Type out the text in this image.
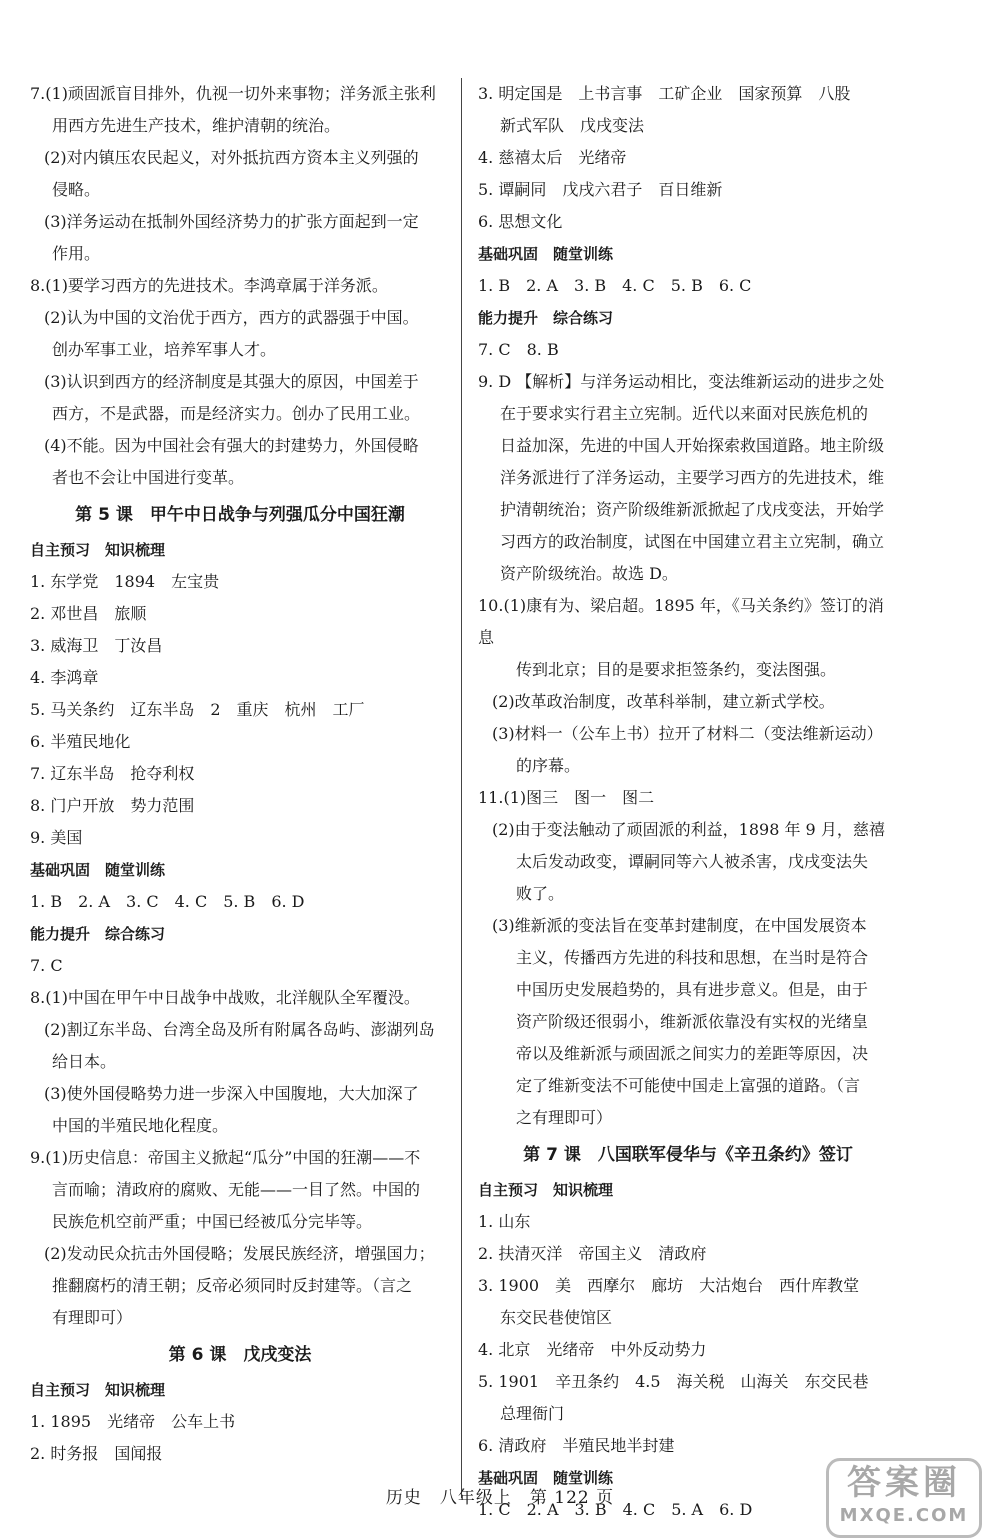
7.(1)顽固派盲目排外，仇视一切外来事物；洋务派主张利
用西方先进生产技术，维护清朝的统治。
(2)对内镇压农民起义，对外抵抗西方资本主义列强的
侵略。
(3)洋务运动在抵制外国经济势力的扩张方面起到一定
作用。
8.(1)要学习西方的先进技术。李鸿章属于洋务派。
(2)认为中国的文治优于西方，西方的武器强于中国。
创办军事工业，培养军事人才。
(3)认识到西方的经济制度是其强大的原因，中国差于
西方，不是武器，而是经济实力。创办了民用工业。
(4)不能。因为中国社会有强大的封建势力，外国侵略
者也不会让中国进行变革。
第 5 课　甲午中日战争与列强瓜分中国狂潮
自主预习　知识梳理
1. 东学党　1894　左宝贵
2. 邓世昌　旅顺
3. 威海卫　丁汝昌
4. 李鸿章
5. 马关条约　辽东半岛　2　重庆　杭州　工厂
6. 半殖民地化
7. 辽东半岛　抢夺利权
8. 门户开放　势力范围
9. 美国
基础巩固　随堂训练
1. B　2. A　3. C　4. C　5. B　6. D
能力提升　综合练习
7. C
8.(1)中国在甲午中日战争中战败，北洋舰队全军覆没。
(2)割辽东半岛、台湾全岛及所有附属各岛屿、澎湖列岛
给日本。
(3)使外国侵略势力进一步深入中国腹地，大大加深了
中国的半殖民地化程度。
9.(1)历史信息：帝国主义掀起“瓜分”中国的狂潮——不
言而喻；清政府的腐败、无能——一目了然。中国的
民族危机空前严重；中国已经被瓜分完毕等。
(2)发动民众抗击外国侵略；发展民族经济，增强国力；
推翻腐朽的清王朝；反帝必须同时反封建等。（言之
有理即可）
第 6 课　戊戌变法
自主预习　知识梳理
1. 1895　光绪帝　公车上书
2. 时务报　国闻报
3. 明定国是　上书言事　工矿企业　国家预算　八股
新式军队　戊戌变法
4. 慈禧太后　光绪帝
5. 谭嗣同　戊戌六君子　百日维新
6. 思想文化
基础巩固　随堂训练
1. B　2. A　3. B　4. C　5. B　6. C
能力提升　综合练习
7. C　8. B
9. D 【解析】与洋务运动相比，变法维新运动的进步之处
在于要求实行君主立宪制。近代以来面对民族危机的
日益加深，先进的中国人开始探索救国道路。地主阶级
洋务派进行了洋务运动，主要学习西方的先进技术，维
护清朝统治；资产阶级维新派掀起了戊戌变法，开始学
习西方的政治制度，试图在中国建立君主立宪制，确立
资产阶级统治。故选 D。
10.(1)康有为、梁启超。1895 年，《马关条约》签订的消息
传到北京；目的是要求拒签条约，变法图强。
(2)改革政治制度，改革科举制，建立新式学校。
(3)材料一（公车上书）拉开了材料二（变法维新运动）
的序幕。
11.(1)图三　图一　图二
(2)由于变法触动了顽固派的利益，1898 年 9 月，慈禧
太后发动政变，谭嗣同等六人被杀害，戊戌变法失
败了。
(3)维新派的变法旨在变革封建制度，在中国发展资本
主义，传播西方先进的科技和思想，在当时是符合
中国历史发展趋势的，具有进步意义。但是，由于
资产阶级还很弱小，维新派依靠没有实权的光绪皇
帝以及维新派与顽固派之间实力的差距等原因，决
定了维新变法不可能使中国走上富强的道路。（言
之有理即可）
第 7 课　八国联军侵华与《辛丑条约》签订
自主预习　知识梳理
1. 山东
2. 扶清灭洋　帝国主义　清政府
3. 1900　美　西摩尔　廊坊　大沽炮台　西什库教堂
东交民巷使馆区
4. 北京　光绪帝　中外反动势力
5. 1901　辛丑条约　4.5　海关税　山海关　东交民巷
总理衙门
6. 清政府　半殖民地半封建
基础巩固　随堂训练
1. C　2. A　3. B　4. C　5. A　6. D
历史　八年级上　第 122 页	答案圈
MXQE.COM
